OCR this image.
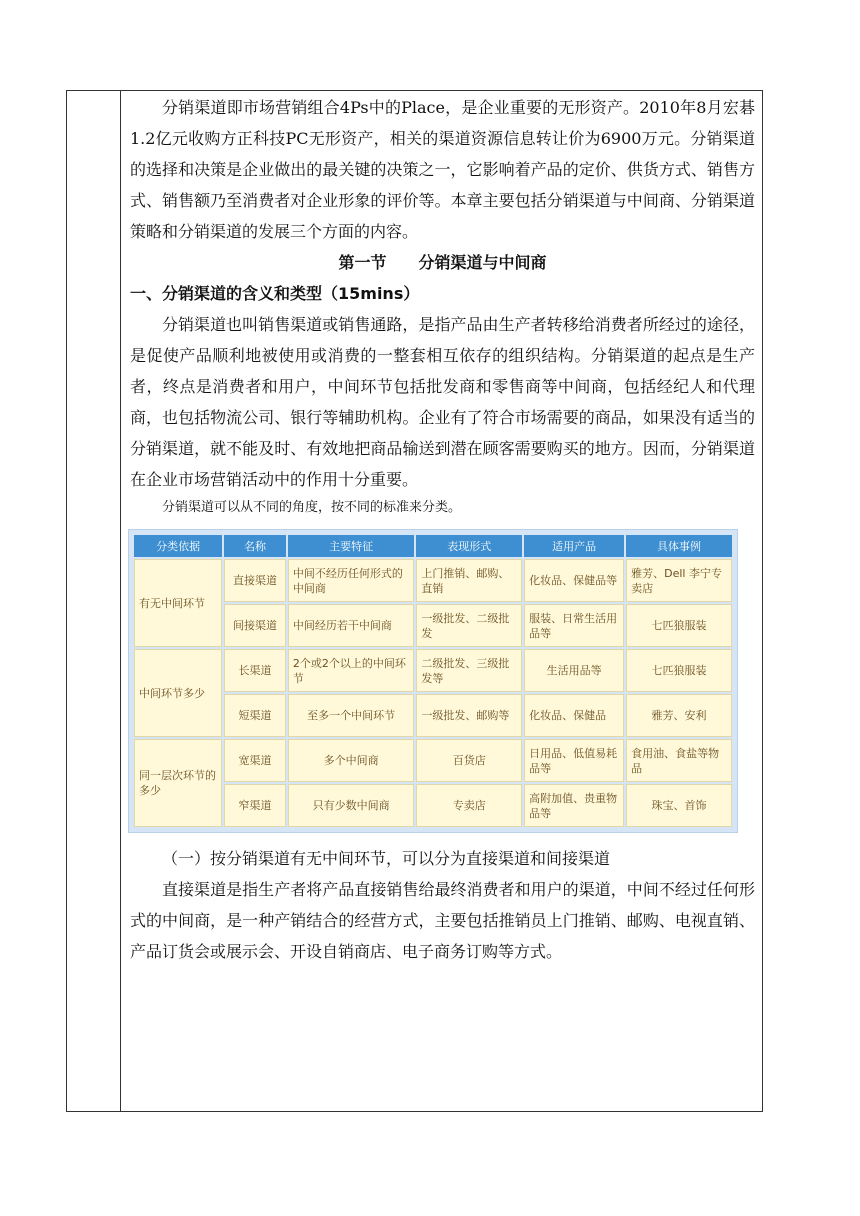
分销渠道即市场营销组合4Ps中的Place，是企业重要的无形资产。2010年8月宏碁1.2亿元收购方正科技PC无形资产，相关的渠道资源信息转让价为6900万元。分销渠道的选择和决策是企业做出的最关键的决策之一，它影响着产品的定价、供货方式、销售方式、销售额乃至消费者对企业形象的评价等。本章主要包括分销渠道与中间商、分销渠道策略和分销渠道的发展三个方面的内容。

第一节　　分销渠道与中间商

一、分销渠道的含义和类型（15mins）

分销渠道也叫销售渠道或销售通路，是指产品由生产者转移给消费者所经过的途径，是促使产品顺利地被使用或消费的一整套相互依存的组织结构。分销渠道的起点是生产者，终点是消费者和用户，中间环节包括批发商和零售商等中间商，包括经纪人和代理商，也包括物流公司、银行等辅助机构。企业有了符合市场需要的商品，如果没有适当的分销渠道，就不能及时、有效地把商品输送到潜在顾客需要购买的地方。因而，分销渠道在企业市场营销活动中的作用十分重要。

分销渠道可以从不同的角度，按不同的标准来分类。

分类依据	名称	主要特征	表现形式	适用产品	具体事例
有无中间环节	直接渠道	中间不经历任何形式的中间商	上门推销、邮购、直销	化妆品、保健品等	雅芳、Dell 李宁专卖店
	间接渠道	中间经历若干中间商	一级批发、二级批发	服装、日常生活用品等	七匹狼服装
中间环节多少	长渠道	2个或2个以上的中间环节	二级批发、三级批发等	生活用品等	七匹狼服装
	短渠道	至多一个中间环节	一级批发、邮购等	化妆品、保健品	雅芳、安利
同一层次环节的多少	宽渠道	多个中间商	百货店	日用品、低值易耗品等	食用油、食盐等物品
	窄渠道	只有少数中间商	专卖店	高附加值、贵重物品等	珠宝、首饰

（一）按分销渠道有无中间环节，可以分为直接渠道和间接渠道

直接渠道是指生产者将产品直接销售给最终消费者和用户的渠道，中间不经过任何形式的中间商，是一种产销结合的经营方式，主要包括推销员上门推销、邮购、电视直销、产品订货会或展示会、开设自销商店、电子商务订购等方式。
